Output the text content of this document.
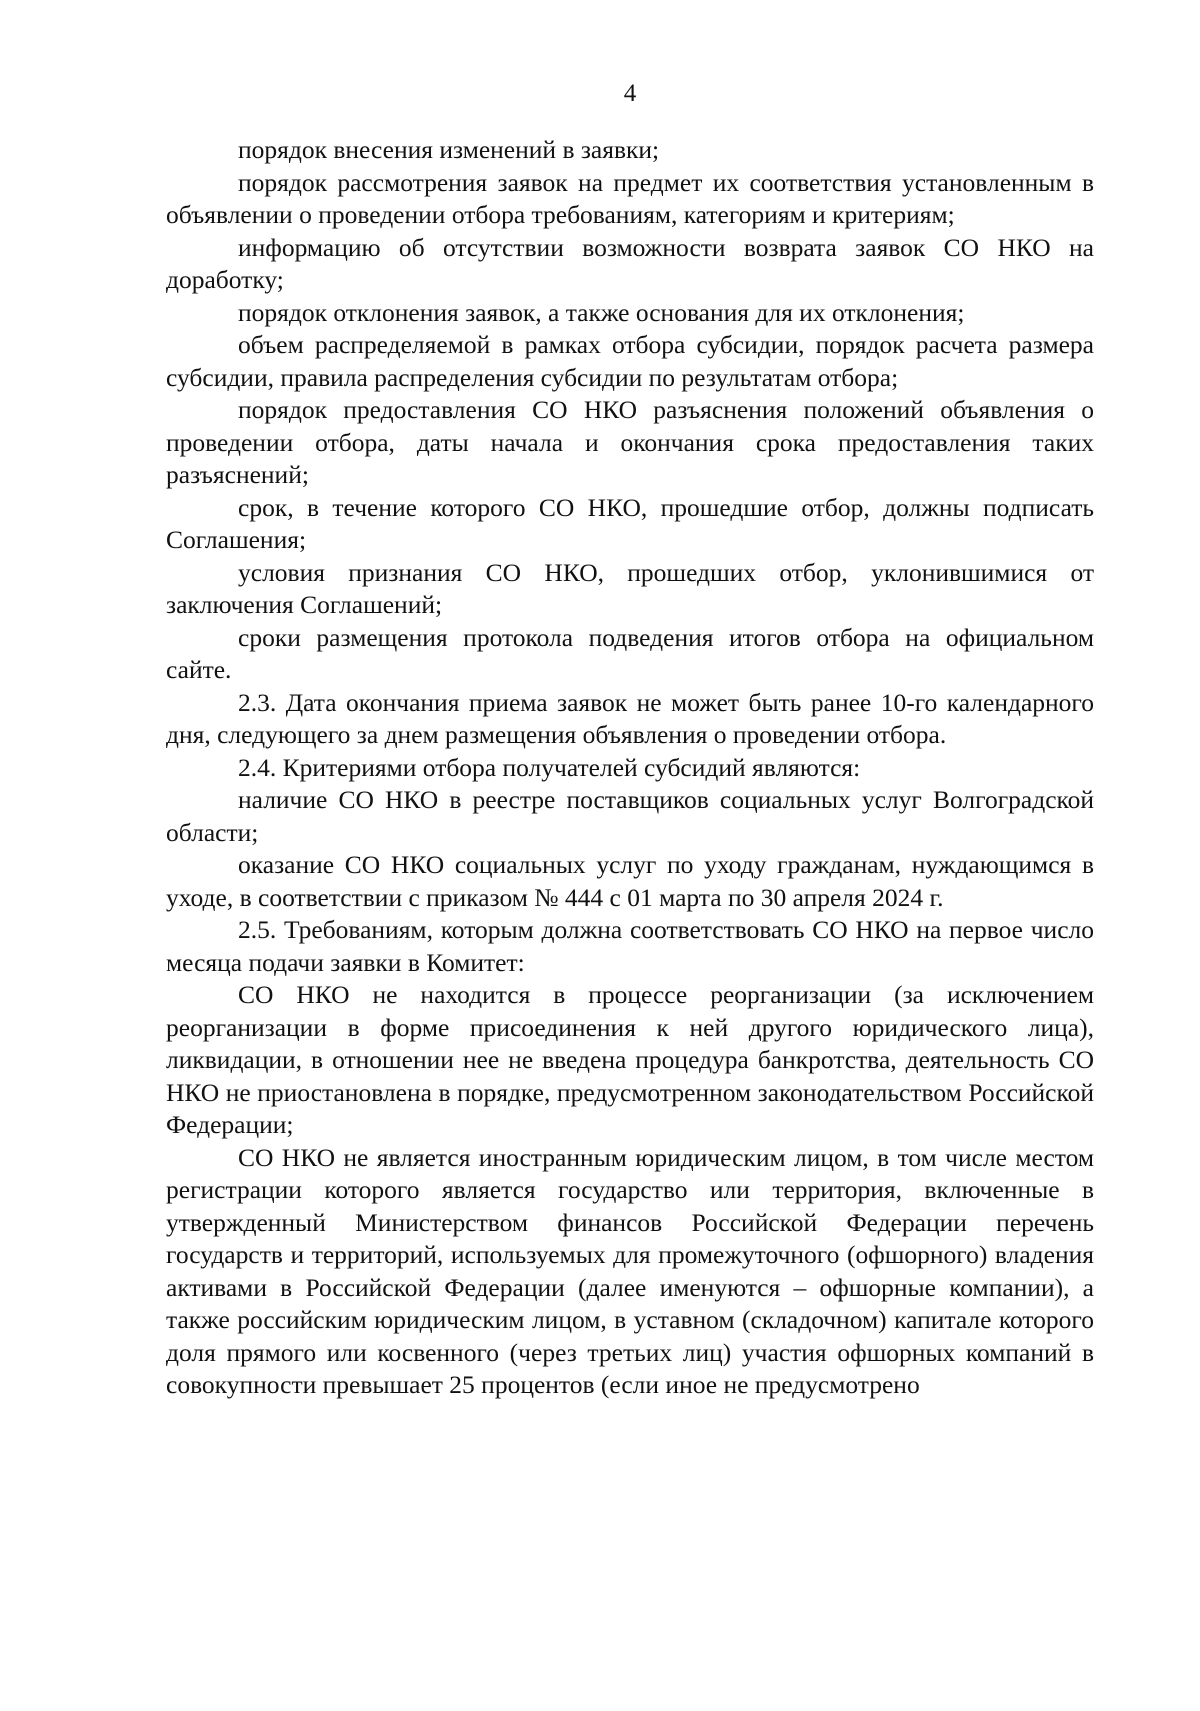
4

порядок внесения изменений в заявки;

порядок рассмотрения заявок на предмет их соответствия установленным в объявлении о проведении отбора требованиям, категориям и критериям;

информацию об отсутствии возможности возврата заявок СО НКО на доработку;

порядок отклонения заявок, а также основания для их отклонения;

объем распределяемой в рамках отбора субсидии, порядок расчета размера субсидии, правила распределения субсидии по результатам отбора;

порядок предоставления СО НКО разъяснения положений объявления о проведении отбора, даты начала и окончания срока предоставления таких разъяснений;

срок, в течение которого СО НКО, прошедшие отбор, должны подписать Соглашения;

условия признания СО НКО, прошедших отбор, уклонившимися от заключения Соглашений;

сроки размещения протокола подведения итогов отбора на официальном сайте.

2.3. Дата окончания приема заявок не может быть ранее 10-го календарного дня, следующего за днем размещения объявления о проведении отбора.

2.4. Критериями отбора получателей субсидий являются:

наличие СО НКО в реестре поставщиков социальных услуг Волгоградской области;

оказание СО НКО социальных услуг по уходу гражданам, нуждающимся в уходе, в соответствии с приказом № 444 с 01 марта по 30 апреля 2024 г.

2.5. Требованиям, которым должна соответствовать СО НКО на первое число месяца подачи заявки в Комитет:

СО НКО не находится в процессе реорганизации (за исключением реорганизации в форме присоединения к ней другого юридического лица), ликвидации, в отношении нее не введена процедура банкротства, деятельность СО НКО не приостановлена в порядке, предусмотренном законодательством Российской Федерации;

СО НКО не является иностранным юридическим лицом, в том числе местом регистрации которого является государство или территория, включенные в утвержденный Министерством финансов Российской Федерации перечень государств и территорий, используемых для промежуточного (офшорного) владения активами в Российской Федерации (далее именуются – офшорные компании), а также российским юридическим лицом, в уставном (складочном) капитале которого доля прямого или косвенного (через третьих лиц) участия офшорных компаний в совокупности превышает 25 процентов (если иное не предусмотрено
